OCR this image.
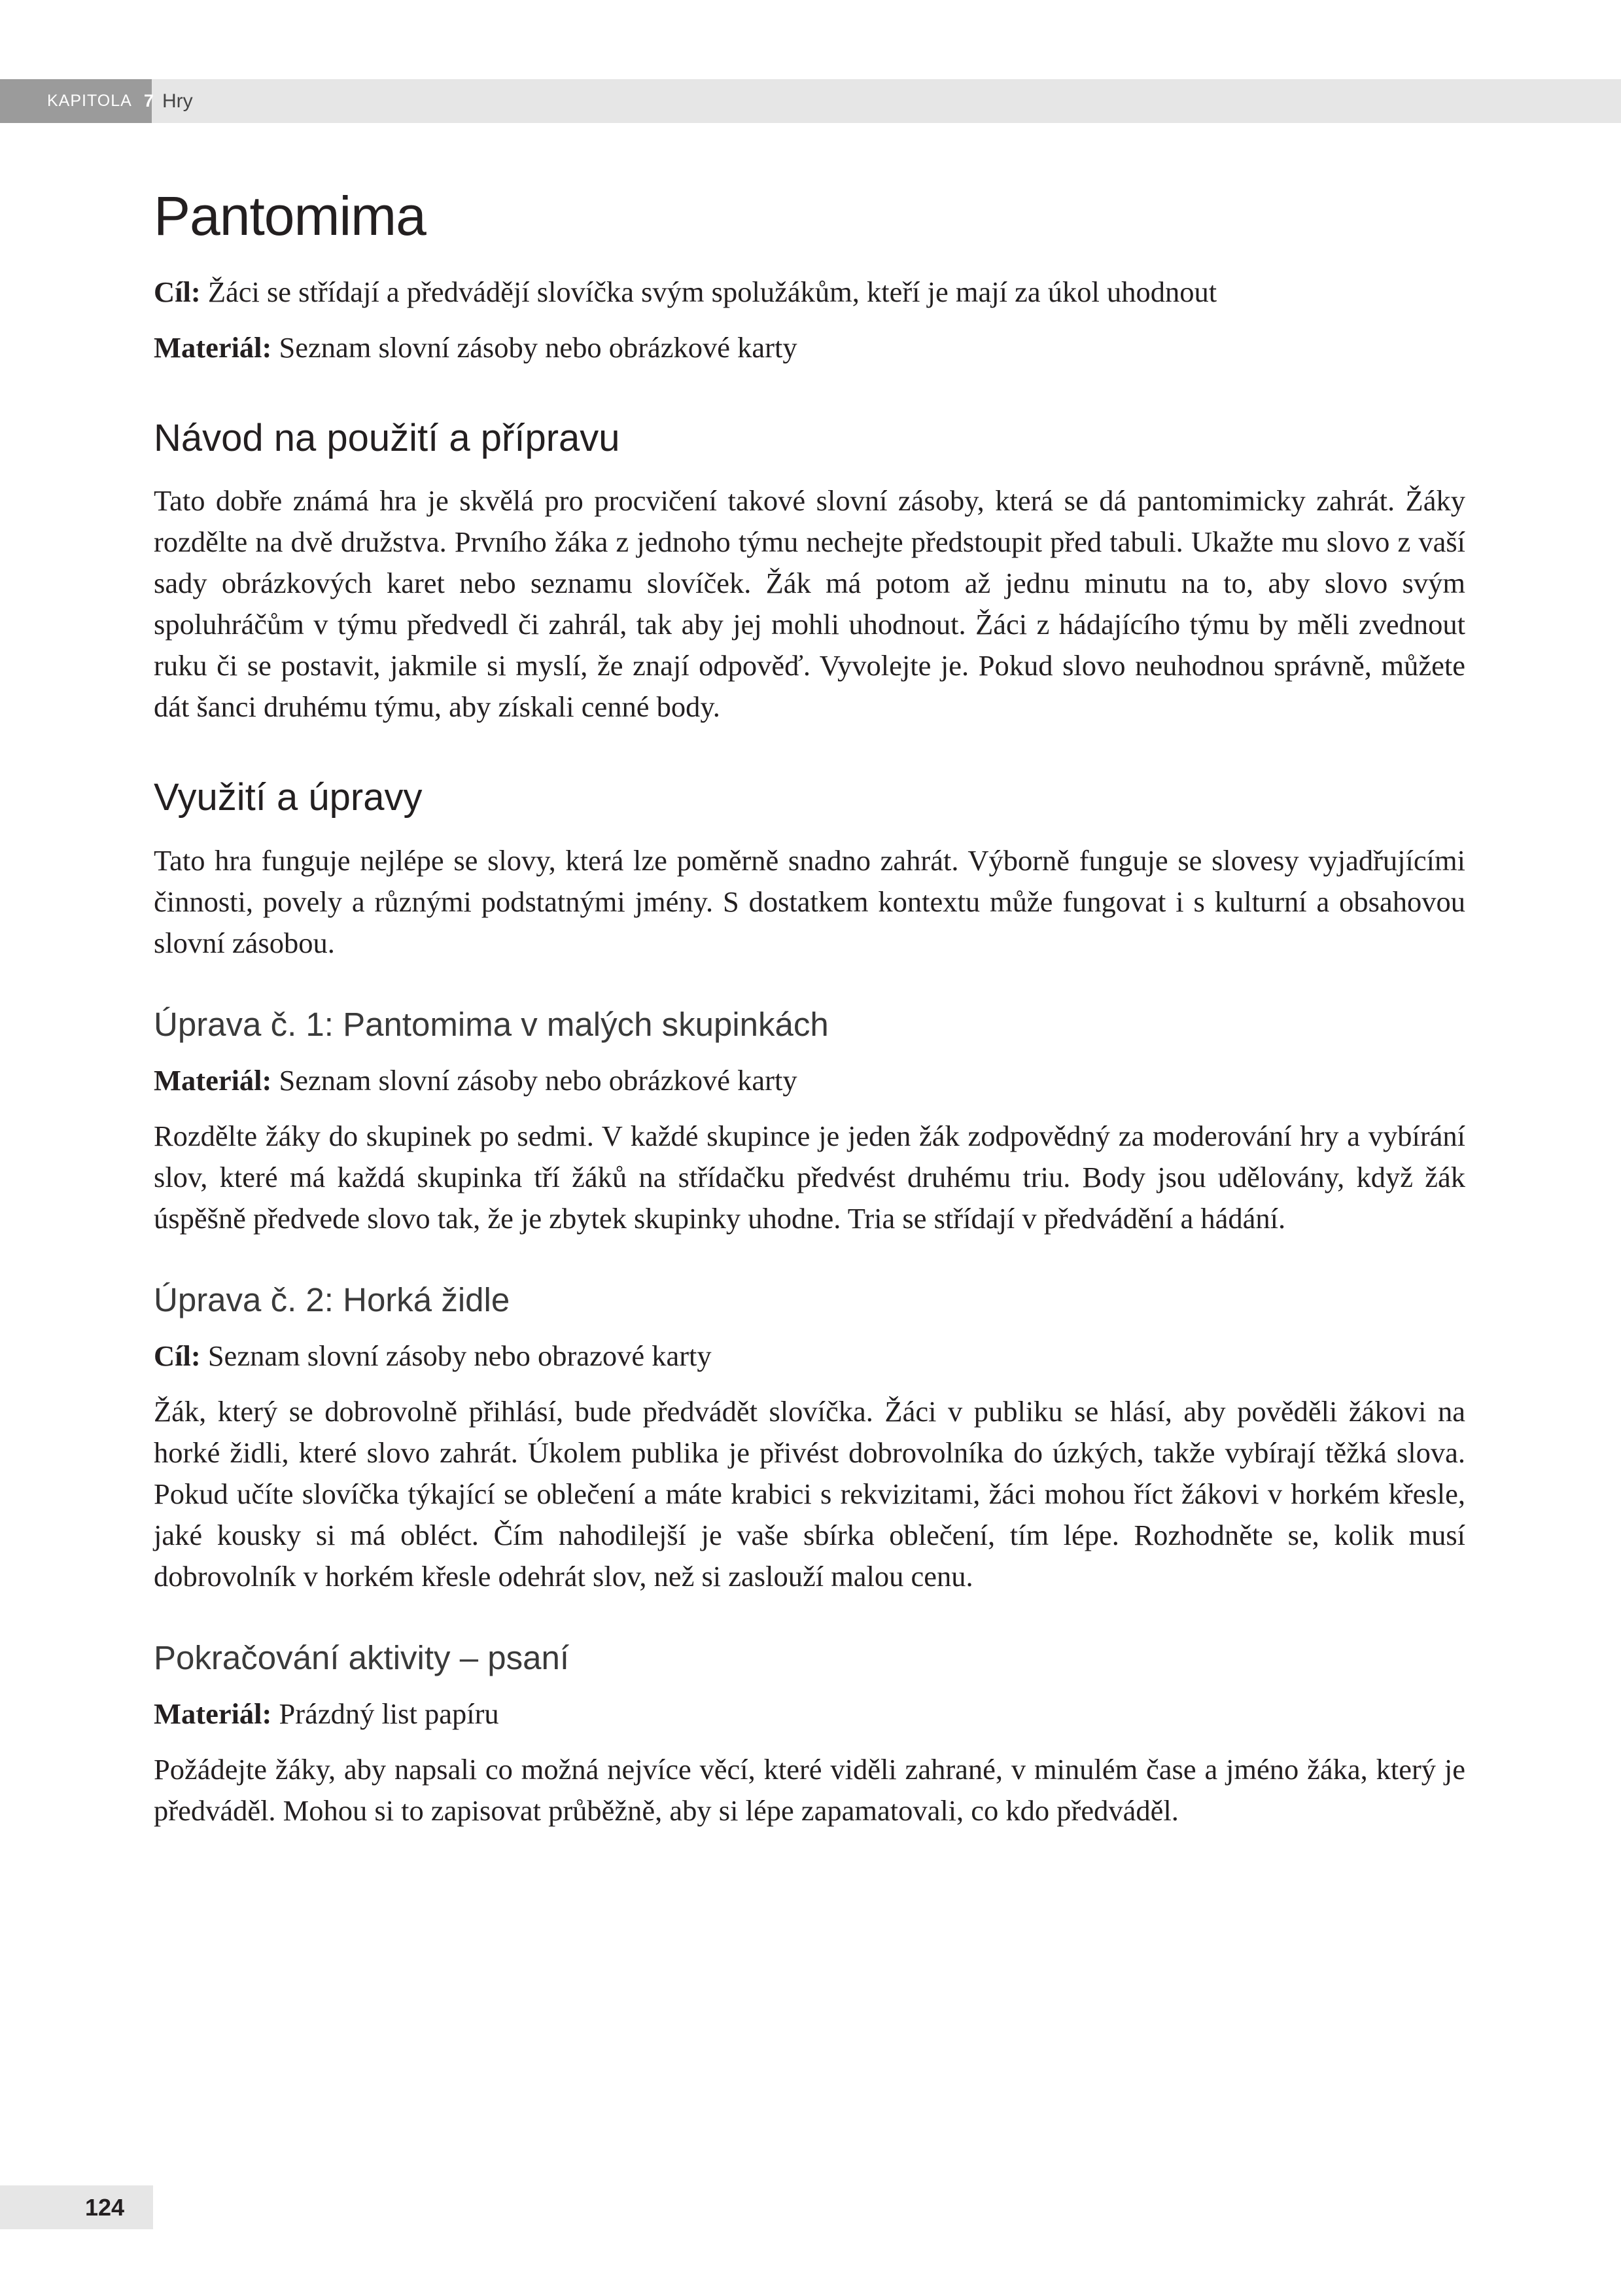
KAPITOLA 7 Hry
Pantomima

Cíl: Žáci se střídají a předvádějí slovíčka svým spolužákům, kteří je mají za úkol uhodnout

Materiál: Seznam slovní zásoby nebo obrázkové karty

Návod na použití a přípravu

Tato dobře známá hra je skvělá pro procvičení takové slovní zásoby, která se dá pantomimicky zahrát. Žáky rozdělte na dvě družstva. Prvního žáka z jednoho týmu nechejte předstoupit před tabuli. Ukažte mu slovo z vaší sady obrázkových karet nebo seznamu slovíček. Žák má potom až jednu minutu na to, aby slovo svým spoluhráčům v týmu předvedl či zahrál, tak aby jej mohli uhodnout. Žáci z hádajícího týmu by měli zvednout ruku či se postavit, jakmile si myslí, že znají odpověď. Vyvolejte je. Pokud slovo neuhodnou správně, můžete dát šanci druhému týmu, aby získali cenné body.

Využití a úpravy

Tato hra funguje nejlépe se slovy, která lze poměrně snadno zahrát. Výborně funguje se slovesy vyjadřujícími činnosti, povely a různými podstatnými jmény. S dostatkem kontextu může fungovat i s kulturní a obsahovou slovní zásobou.

Úprava č. 1: Pantomima v malých skupinkách

Materiál: Seznam slovní zásoby nebo obrázkové karty

Rozdělte žáky do skupinek po sedmi. V každé skupince je jeden žák zodpovědný za moderování hry a vybírání slov, které má každá skupinka tří žáků na střídačku předvést druhému triu. Body jsou udělovány, když žák úspěšně předvede slovo tak, že je zbytek skupinky uhodne. Tria se střídají v předvádění a hádání.

Úprava č. 2: Horká židle

Cíl: Seznam slovní zásoby nebo obrazové karty

Žák, který se dobrovolně přihlásí, bude předvádět slovíčka. Žáci v publiku se hlásí, aby pověděli žákovi na horké židli, které slovo zahrát. Úkolem publika je přivést dobrovolníka do úzkých, takže vybírají těžká slova. Pokud učíte slovíčka týkající se oblečení a máte krabici s rekvizitami, žáci mohou říct žákovi v horkém křesle, jaké kousky si má obléct. Čím nahodilejší je vaše sbírka oblečení, tím lépe. Rozhodněte se, kolik musí dobrovolník v horkém křesle odehrát slov, než si zaslouží malou cenu.

Pokračování aktivity – psaní

Materiál: Prázdný list papíru

Požádejte žáky, aby napsali co možná nejvíce věcí, které viděli zahrané, v minulém čase a jméno žáka, který je předváděl. Mohou si to zapisovat průběžně, aby si lépe zapamatovali, co kdo předváděl.

124
